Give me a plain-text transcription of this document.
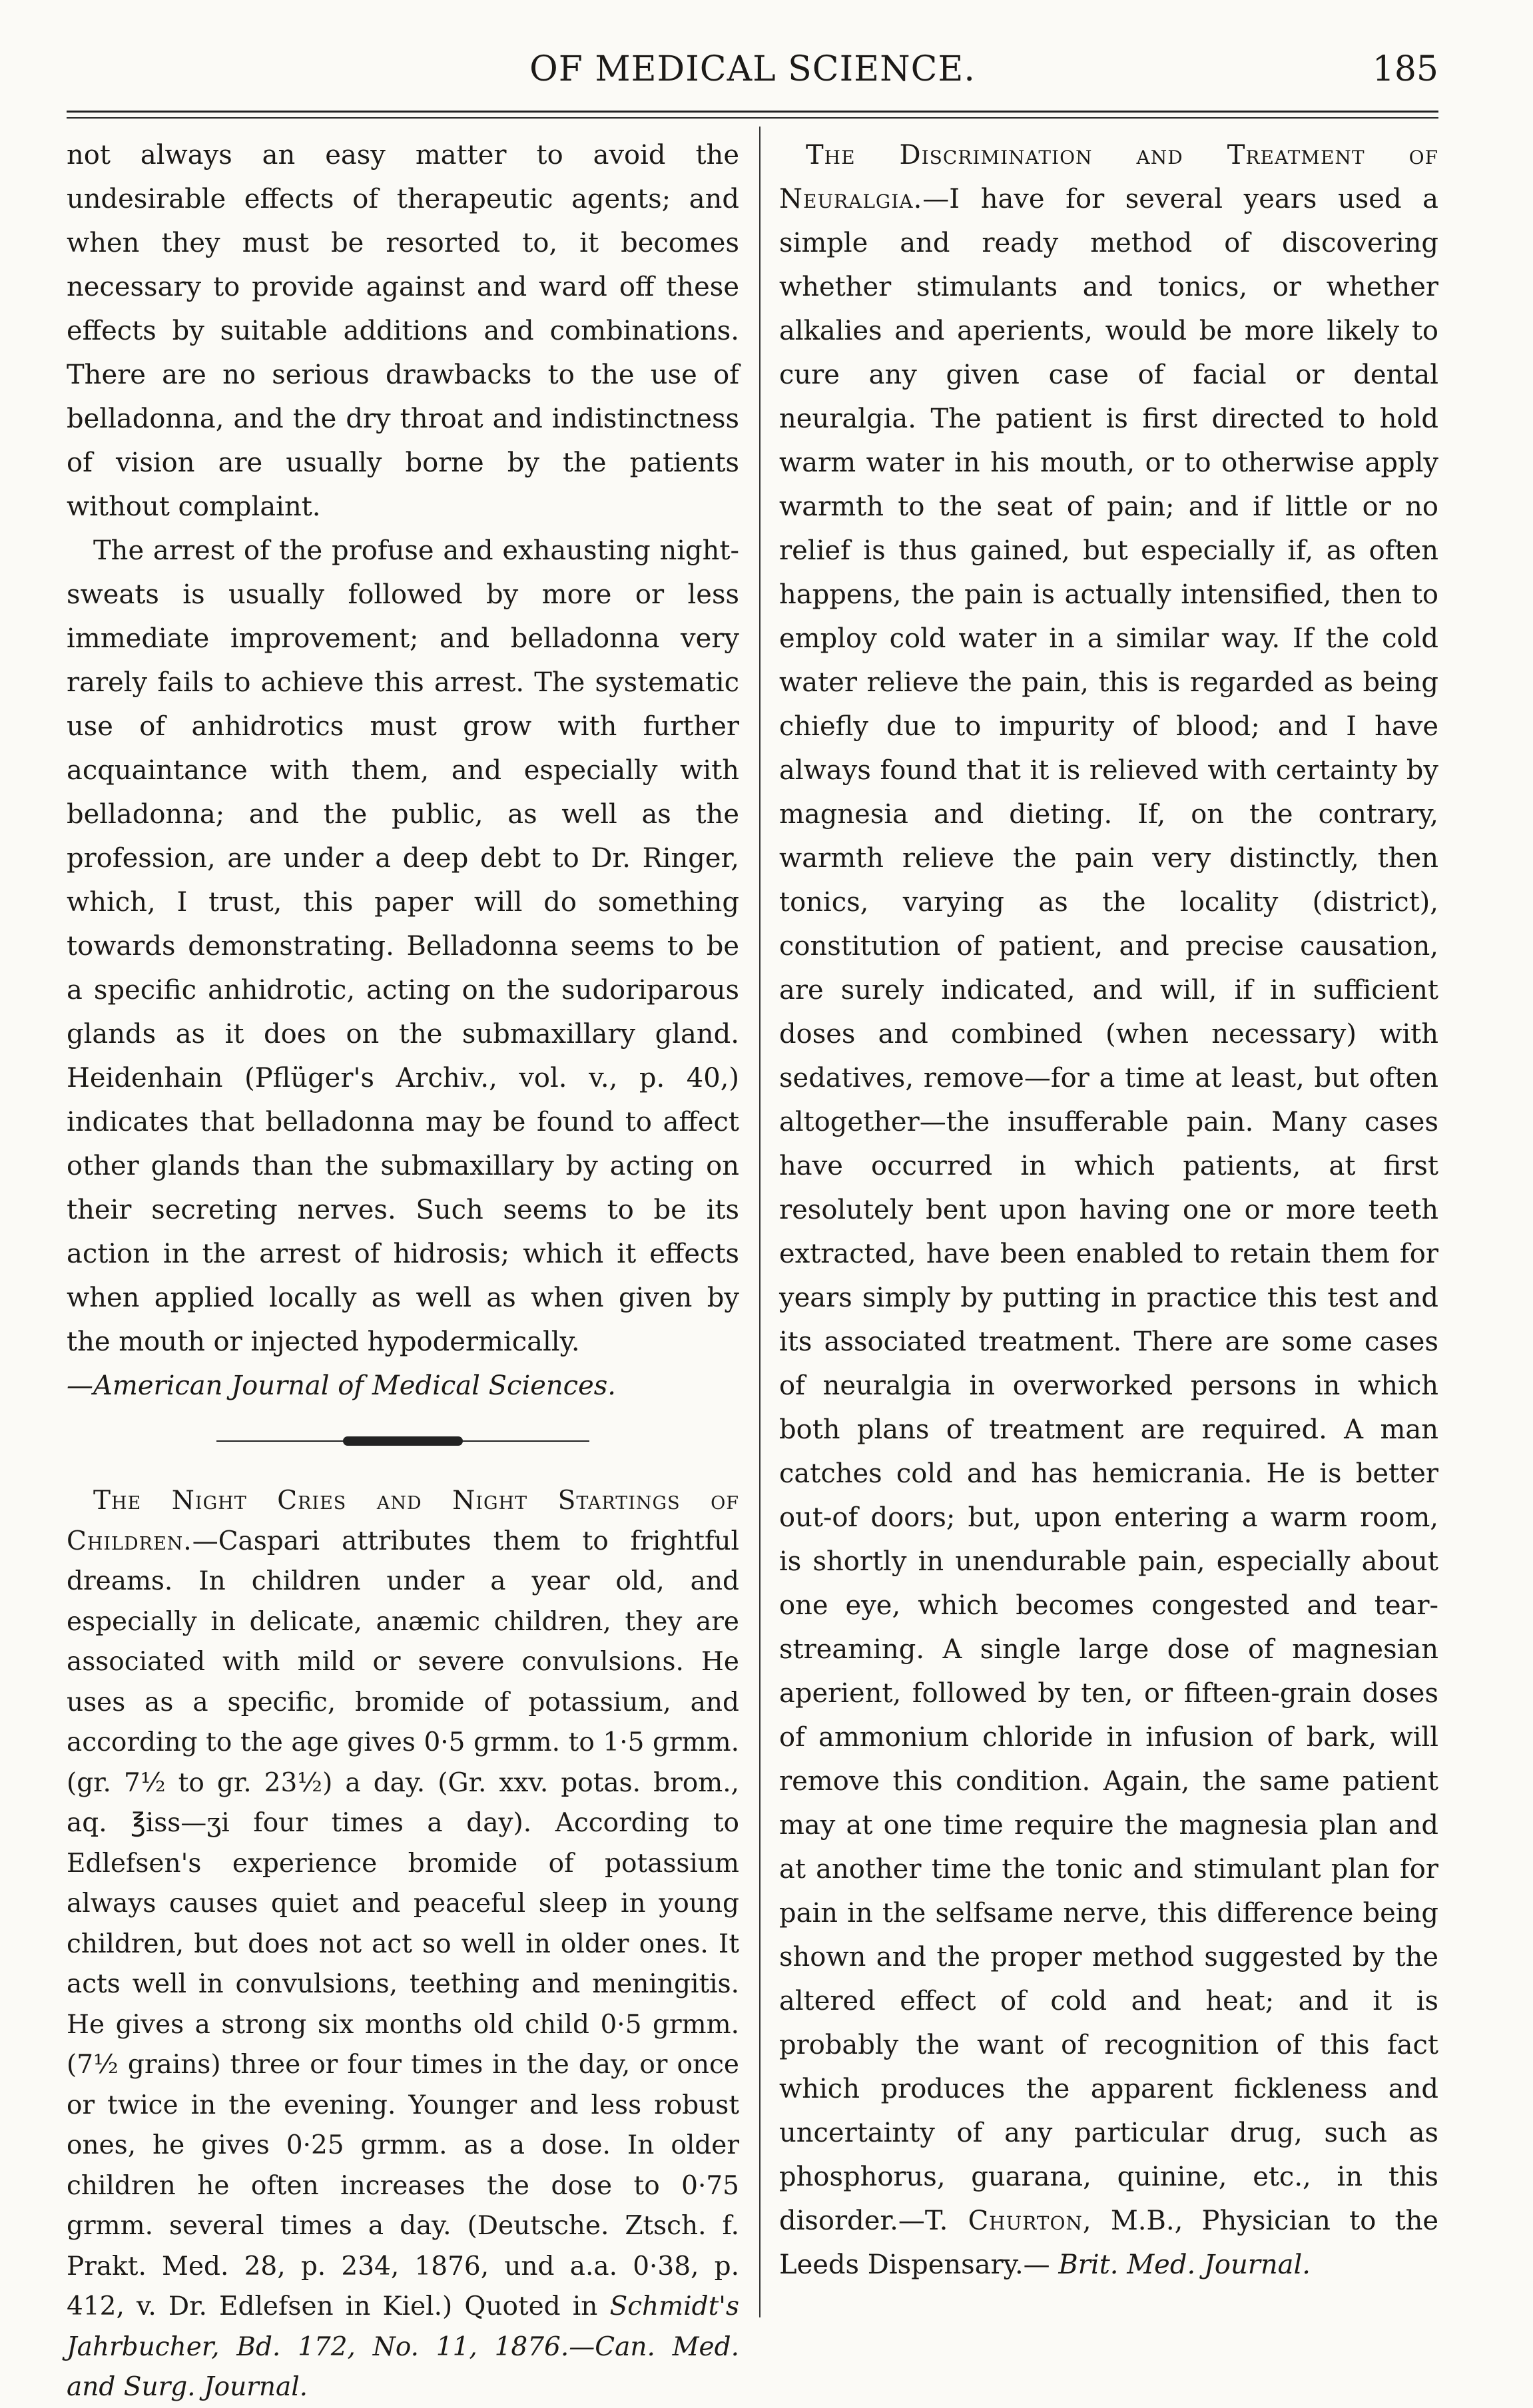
OF MEDICAL SCIENCE.	185

not always an easy matter to avoid the undesirable effects of therapeutic agents; and when they must be resorted to, it becomes necessary to provide against and ward off these effects by suitable additions and combinations. There are no serious drawbacks to the use of belladonna, and the dry throat and indistinctness of vision are usually borne by the patients without complaint.

The arrest of the profuse and exhausting night-sweats is usually followed by more or less immediate improvement; and belladonna very rarely fails to achieve this arrest. The systematic use of anhidrotics must grow with further acquaintance with them, and especially with belladonna; and the public, as well as the profession, are under a deep debt to Dr. Ringer, which, I trust, this paper will do something towards demonstrating. Belladonna seems to be a specific anhidrotic, acting on the sudoriparous glands as it does on the submaxillary gland. Heidenhain (Pflüger's Archiv., vol. v., p. 40,) indicates that belladonna may be found to affect other glands than the submaxillary by acting on their secreting nerves. Such seems to be its action in the arrest of hidrosis; which it effects when applied locally as well as when given by the mouth or injected hypodermically.
—American Journal of Medical Sciences.

The Night Cries and Night Startings of Children.—Caspari attributes them to frightful dreams. In children under a year old, and especially in delicate, anæmic children, they are associated with mild or severe convulsions. He uses as a specific, bromide of potassium, and according to the age gives 0·5 grmm. to 1·5 grmm. (gr. 7½ to gr. 23½) a day. (Gr. xxv. potas. brom., aq. ℥iss—ʒi four times a day). According to Edlefsen's experience bromide of potassium always causes quiet and peaceful sleep in young children, but does not act so well in older ones. It acts well in convulsions, teething and meningitis. He gives a strong six months old child 0·5 grmm. (7½ grains) three or four times in the day, or once or twice in the evening. Younger and less robust ones, he gives 0·25 grmm. as a dose. In older children he often increases the dose to 0·75 grmm. several times a day. (Deutsche. Ztsch. f. Prakt. Med. 28, p. 234, 1876, und a.a. 0·38, p. 412, v. Dr. Edlefsen in Kiel.) Quoted in Schmidt's Jahrbucher, Bd. 172, No. 11, 1876.—Can. Med. and Surg. Journal.

The Discrimination and Treatment of Neuralgia.—I have for several years used a simple and ready method of discovering whether stimulants and tonics, or whether alkalies and aperients, would be more likely to cure any given case of facial or dental neuralgia. The patient is first directed to hold warm water in his mouth, or to otherwise apply warmth to the seat of pain; and if little or no relief is thus gained, but especially if, as often happens, the pain is actually intensified, then to employ cold water in a similar way. If the cold water relieve the pain, this is regarded as being chiefly due to impurity of blood; and I have always found that it is relieved with certainty by magnesia and dieting. If, on the contrary, warmth relieve the pain very distinctly, then tonics, varying as the locality (district), constitution of patient, and precise causation, are surely indicated, and will, if in sufficient doses and combined (when necessary) with sedatives, remove—for a time at least, but often altogether—the insufferable pain. Many cases have occurred in which patients, at first resolutely bent upon having one or more teeth extracted, have been enabled to retain them for years simply by putting in practice this test and its associated treatment. There are some cases of neuralgia in overworked persons in which both plans of treatment are required. A man catches cold and has hemicrania. He is better out-of doors; but, upon entering a warm room, is shortly in unendurable pain, especially about one eye, which becomes congested and tear-streaming. A single large dose of magnesian aperient, followed by ten, or fifteen-grain doses of ammonium chloride in infusion of bark, will remove this condition. Again, the same patient may at one time require the magnesia plan and at another time the tonic and stimulant plan for pain in the selfsame nerve, this difference being shown and the proper method suggested by the altered effect of cold and heat; and it is probably the want of recognition of this fact which produces the apparent fickleness and uncertainty of any particular drug, such as phosphorus, guarana, quinine, etc., in this disorder.—T. Churton, M.B., Physician to the Leeds Dispensary.— Brit. Med. Journal.
